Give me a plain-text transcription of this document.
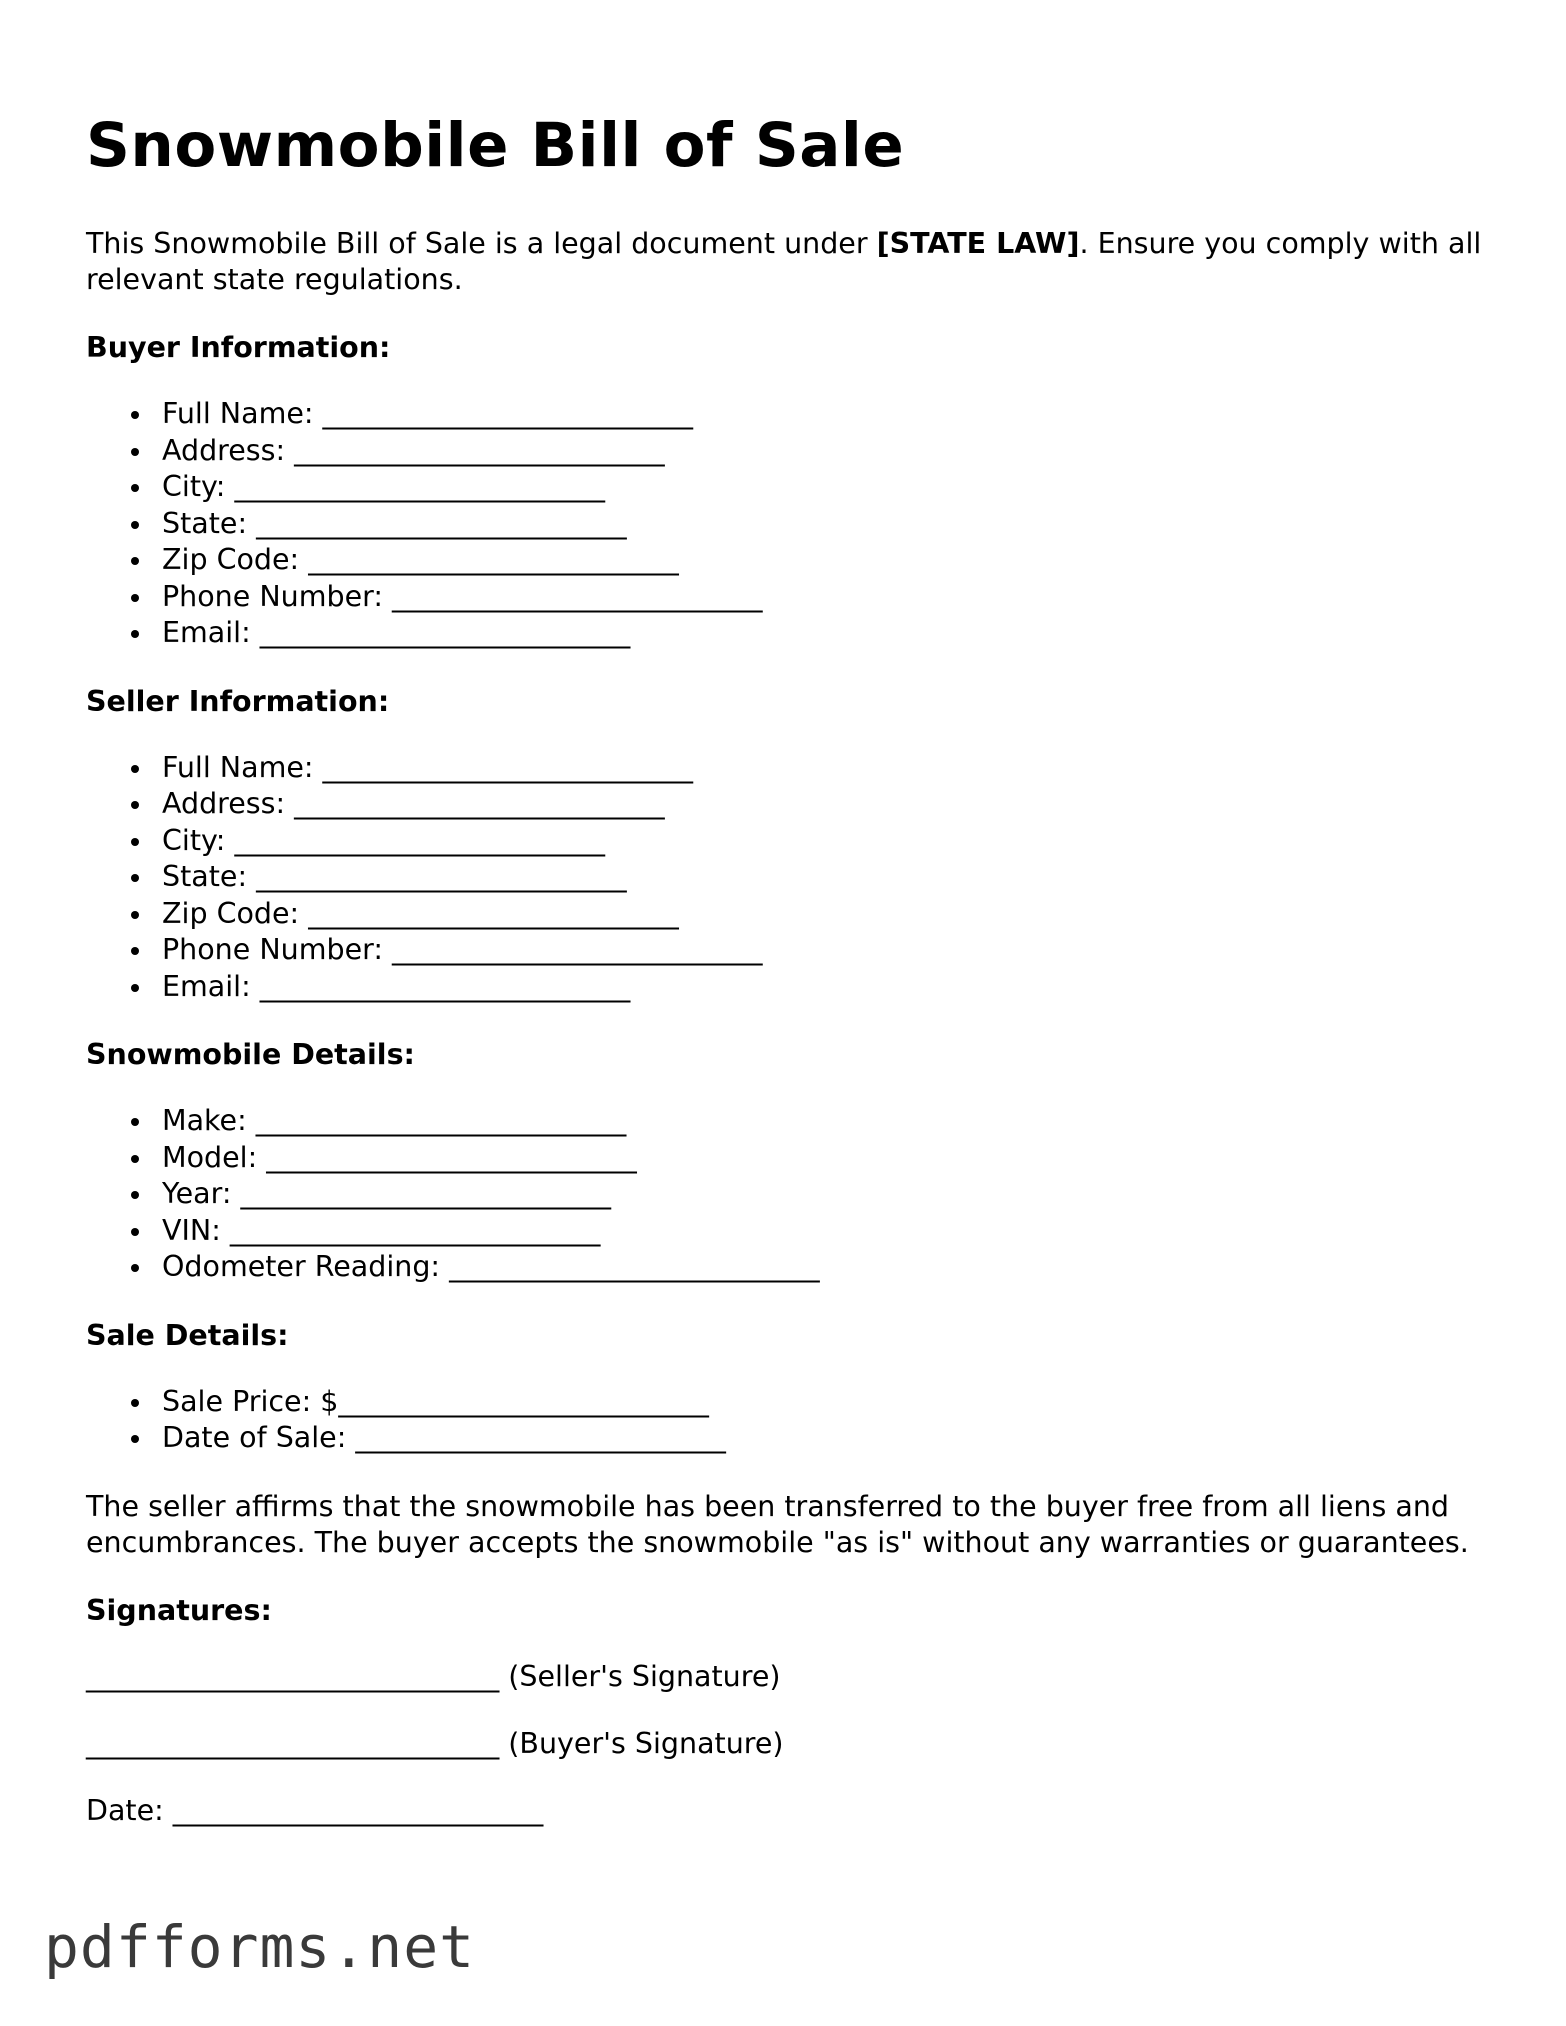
Snowmobile Bill of Sale

This Snowmobile Bill of Sale is a legal document under [STATE LAW]. Ensure you comply with all relevant state regulations.

Buyer Information:
Full Name: __________________________
Address: __________________________
City: __________________________
State: __________________________
Zip Code: __________________________
Phone Number: __________________________
Email: __________________________
Seller Information:
Full Name: __________________________
Address: __________________________
City: __________________________
State: __________________________
Zip Code: __________________________
Phone Number: __________________________
Email: __________________________
Snowmobile Details:
Make: __________________________
Model: __________________________
Year: __________________________
VIN: __________________________
Odometer Reading: __________________________
Sale Details:
Sale Price: $__________________________
Date of Sale: __________________________

The seller affirms that the snowmobile has been transferred to the buyer free from all liens and encumbrances. The buyer accepts the snowmobile "as is" without any warranties or guarantees.

Signatures:
_____________________________ (Seller's Signature)
_____________________________ (Buyer's Signature)
Date: __________________________
pdfforms.net
